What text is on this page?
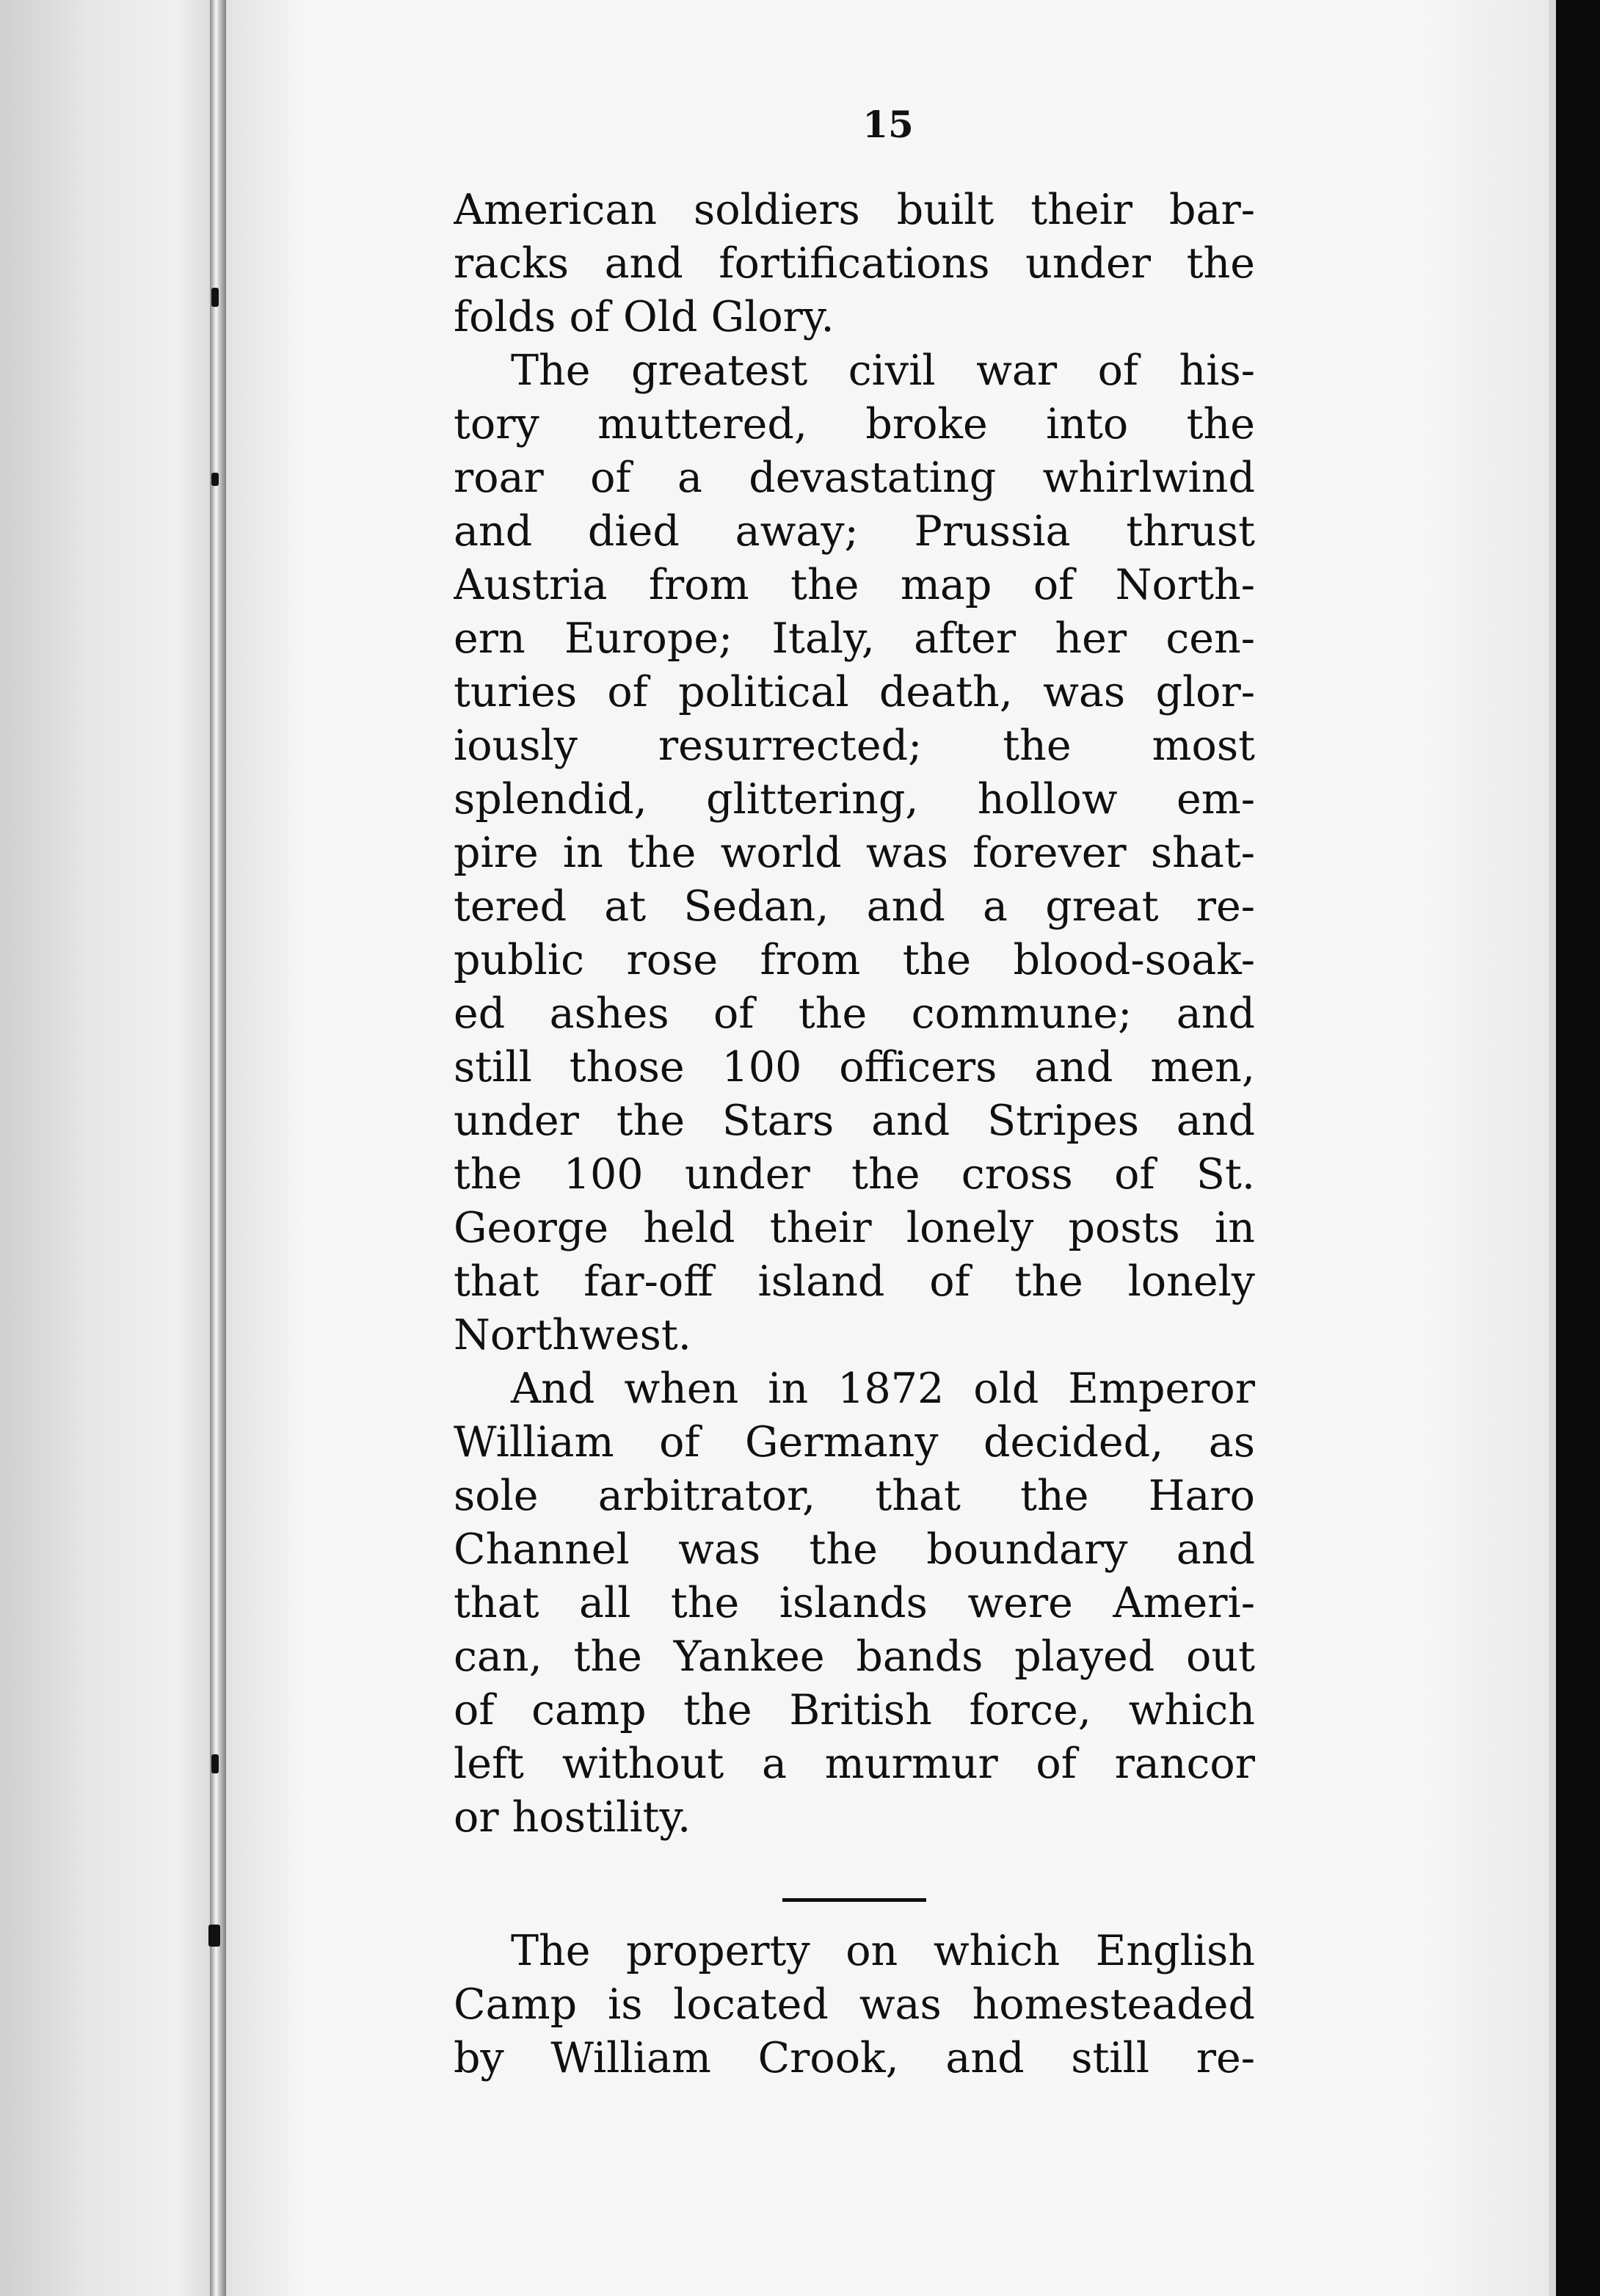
15
American soldiers built their bar-
racks and fortifications under the
folds of Old Glory.
The greatest civil war of his-
tory muttered, broke into the
roar of a devastating whirlwind
and died away; Prussia thrust
Austria from the map of North-
ern Europe; Italy, after her cen-
turies of political death, was glor-
iously resurrected; the most
splendid, glittering, hollow em-
pire in the world was forever shat-
tered at Sedan, and a great re-
public rose from the blood-soak-
ed ashes of the commune; and
still those 100 officers and men,
under the Stars and Stripes and
the 100 under the cross of St.
George held their lonely posts in
that far-off island of the lonely
Northwest.
And when in 1872 old Emperor
William of Germany decided, as
sole arbitrator, that the Haro
Channel was the boundary and
that all the islands were Ameri-
can, the Yankee bands played out
of camp the British force, which
left without a murmur of rancor
or hostility.
The property on which English
Camp is located was homesteaded
by William Crook, and still re-
